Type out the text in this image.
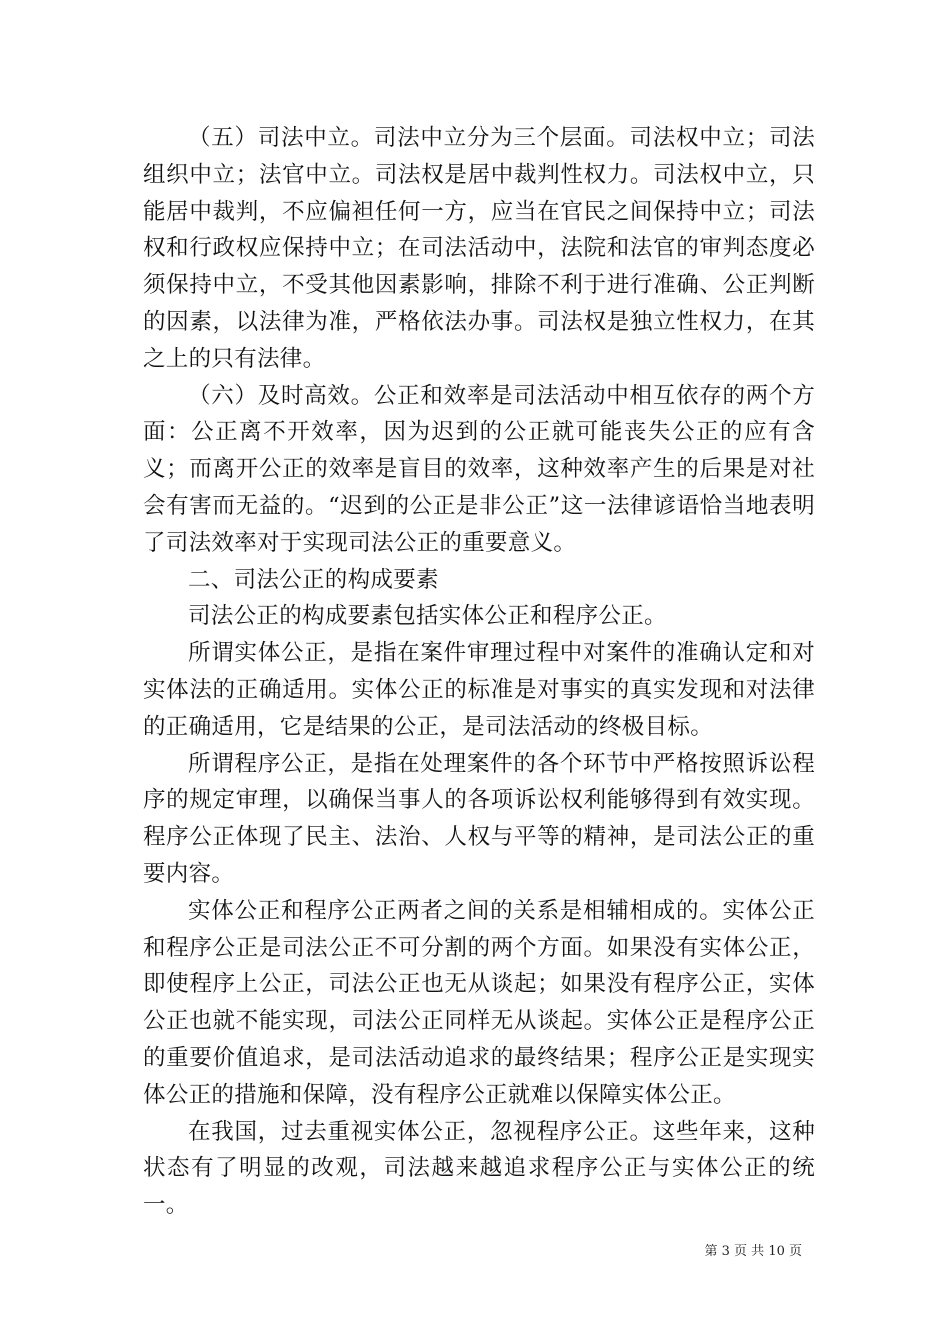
（五）司法中立。司法中立分为三个层面。司法权中立；司法组织中立；法官中立。司法权是居中裁判性权力。司法权中立，只能居中裁判，不应偏袒任何一方，应当在官民之间保持中立；司法权和行政权应保持中立；在司法活动中，法院和法官的审判态度必须保持中立，不受其他因素影响，排除不利于进行准确、公正判断的因素，以法律为准，严格依法办事。司法权是独立性权力，在其之上的只有法律。

（六）及时高效。公正和效率是司法活动中相互依存的两个方面：公正离不开效率，因为迟到的公正就可能丧失公正的应有含义；而离开公正的效率是盲目的效率，这种效率产生的后果是对社会有害而无益的。“迟到的公正是非公正”这一法律谚语恰当地表明了司法效率对于实现司法公正的重要意义。

二、司法公正的构成要素

司法公正的构成要素包括实体公正和程序公正。

所谓实体公正，是指在案件审理过程中对案件的准确认定和对实体法的正确适用。实体公正的标准是对事实的真实发现和对法律的正确适用，它是结果的公正，是司法活动的终极目标。

所谓程序公正，是指在处理案件的各个环节中严格按照诉讼程序的规定审理，以确保当事人的各项诉讼权利能够得到有效实现。程序公正体现了民主、法治、人权与平等的精神，是司法公正的重要内容。

实体公正和程序公正两者之间的关系是相辅相成的。实体公正和程序公正是司法公正不可分割的两个方面。如果没有实体公正，即使程序上公正，司法公正也无从谈起；如果没有程序公正，实体公正也就不能实现，司法公正同样无从谈起。实体公正是程序公正的重要价值追求，是司法活动追求的最终结果；程序公正是实现实体公正的措施和保障，没有程序公正就难以保障实体公正。

在我国，过去重视实体公正，忽视程序公正。这些年来，这种状态有了明显的改观，司法越来越追求程序公正与实体公正的统一。

第 3 页 共 10 页
